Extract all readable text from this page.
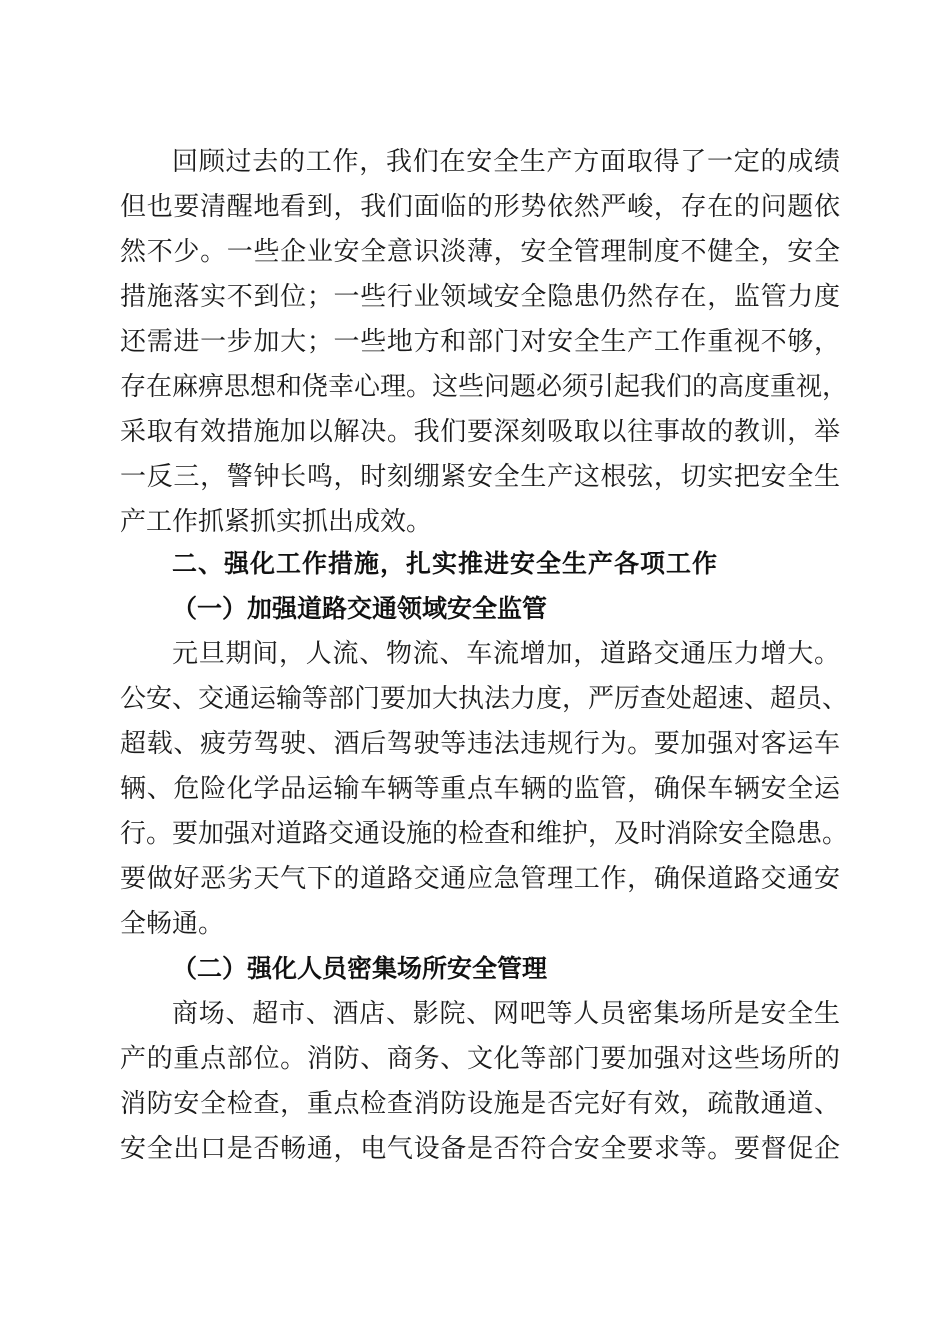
回顾过去的工作，我们在安全生产方面取得了一定的成绩
但也要清醒地看到，我们面临的形势依然严峻，存在的问题依
然不少。一些企业安全意识淡薄，安全管理制度不健全，安全
措施落实不到位；一些行业领域安全隐患仍然存在，监管力度
还需进一步加大；一些地方和部门对安全生产工作重视不够，
存在麻痹思想和侥幸心理。这些问题必须引起我们的高度重视，
采取有效措施加以解决。我们要深刻吸取以往事故的教训，举
一反三，警钟长鸣，时刻绷紧安全生产这根弦，切实把安全生
产工作抓紧抓实抓出成效。
二、强化工作措施，扎实推进安全生产各项工作
（一）加强道路交通领域安全监管
元旦期间，人流、物流、车流增加，道路交通压力增大。
公安、交通运输等部门要加大执法力度，严厉查处超速、超员、
超载、疲劳驾驶、酒后驾驶等违法违规行为。要加强对客运车
辆、危险化学品运输车辆等重点车辆的监管，确保车辆安全运
行。要加强对道路交通设施的检查和维护，及时消除安全隐患。
要做好恶劣天气下的道路交通应急管理工作，确保道路交通安
全畅通。
（二）强化人员密集场所安全管理
商场、超市、酒店、影院、网吧等人员密集场所是安全生
产的重点部位。消防、商务、文化等部门要加强对这些场所的
消防安全检查，重点检查消防设施是否完好有效，疏散通道、
安全出口是否畅通，电气设备是否符合安全要求等。要督促企
